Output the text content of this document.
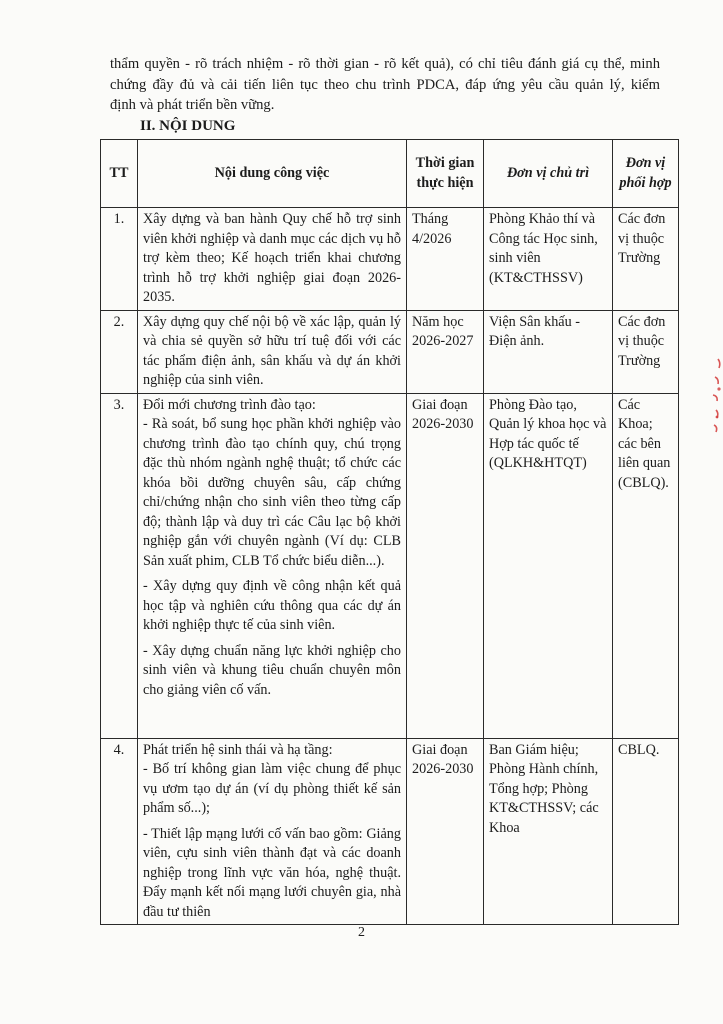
thẩm quyền - rõ trách nhiệm - rõ thời gian - rõ kết quả), có chỉ tiêu đánh giá cụ thể, minh
chứng đầy đủ và cải tiến liên tục theo chu trình PDCA, đáp ứng yêu cầu quản lý, kiểm
định và phát triển bền vững.
II. NỘI DUNG
TT	Nội dung công việc	Thời gian thực hiện	Đơn vị chủ trì	Đơn vị phối hợp
1.	Xây dựng và ban hành Quy chế hỗ trợ sinh viên khởi nghiệp và danh mục các dịch vụ hỗ trợ kèm theo; Kế hoạch triển khai chương trình hỗ trợ khởi nghiệp giai đoạn 2026-2035.	Tháng 4/2026	Phòng Khảo thí và Công tác Học sinh, sinh viên (KT&CTHSSV)	Các đơn vị thuộc Trường
2.	Xây dựng quy chế nội bộ về xác lập, quản lý và chia sẻ quyền sở hữu trí tuệ đối với các tác phẩm điện ảnh, sân khấu và dự án khởi nghiệp của sinh viên.	Năm học 2026-2027	Viện Sân khấu - Điện ảnh.	Các đơn vị thuộc Trường
3.	Đổi mới chương trình đào tạo:
- Rà soát, bổ sung học phần khởi nghiệp vào chương trình đào tạo chính quy, chú trọng đặc thù nhóm ngành nghệ thuật; tổ chức các khóa bồi dưỡng chuyên sâu, cấp chứng chỉ/chứng nhận cho sinh viên theo từng cấp độ; thành lập và duy trì các Câu lạc bộ khởi nghiệp gắn với chuyên ngành (Ví dụ: CLB Sản xuất phim, CLB Tổ chức biểu diễn...).
- Xây dựng quy định về công nhận kết quả học tập và nghiên cứu thông qua các dự án khởi nghiệp thực tế của sinh viên.
- Xây dựng chuẩn năng lực khởi nghiệp cho sinh viên và khung tiêu chuẩn chuyên môn cho giảng viên cố vấn.	Giai đoạn 2026-2030	Phòng Đào tạo, Quản lý khoa học và Hợp tác quốc tế (QLKH&HTQT)	Các Khoa; các bên liên quan (CBLQ).
4.	Phát triển hệ sinh thái và hạ tầng:
- Bố trí không gian làm việc chung để phục vụ ươm tạo dự án (ví dụ phòng thiết kế sản phẩm số...);
- Thiết lập mạng lưới cố vấn bao gồm: Giảng viên, cựu sinh viên thành đạt và các doanh nghiệp trong lĩnh vực văn hóa, nghệ thuật. Đẩy mạnh kết nối mạng lưới chuyên gia, nhà đầu tư thiên	Giai đoạn 2026-2030	Ban Giám hiệu; Phòng Hành chính, Tổng hợp; Phòng KT&CTHSSV; các Khoa	CBLQ.
2
